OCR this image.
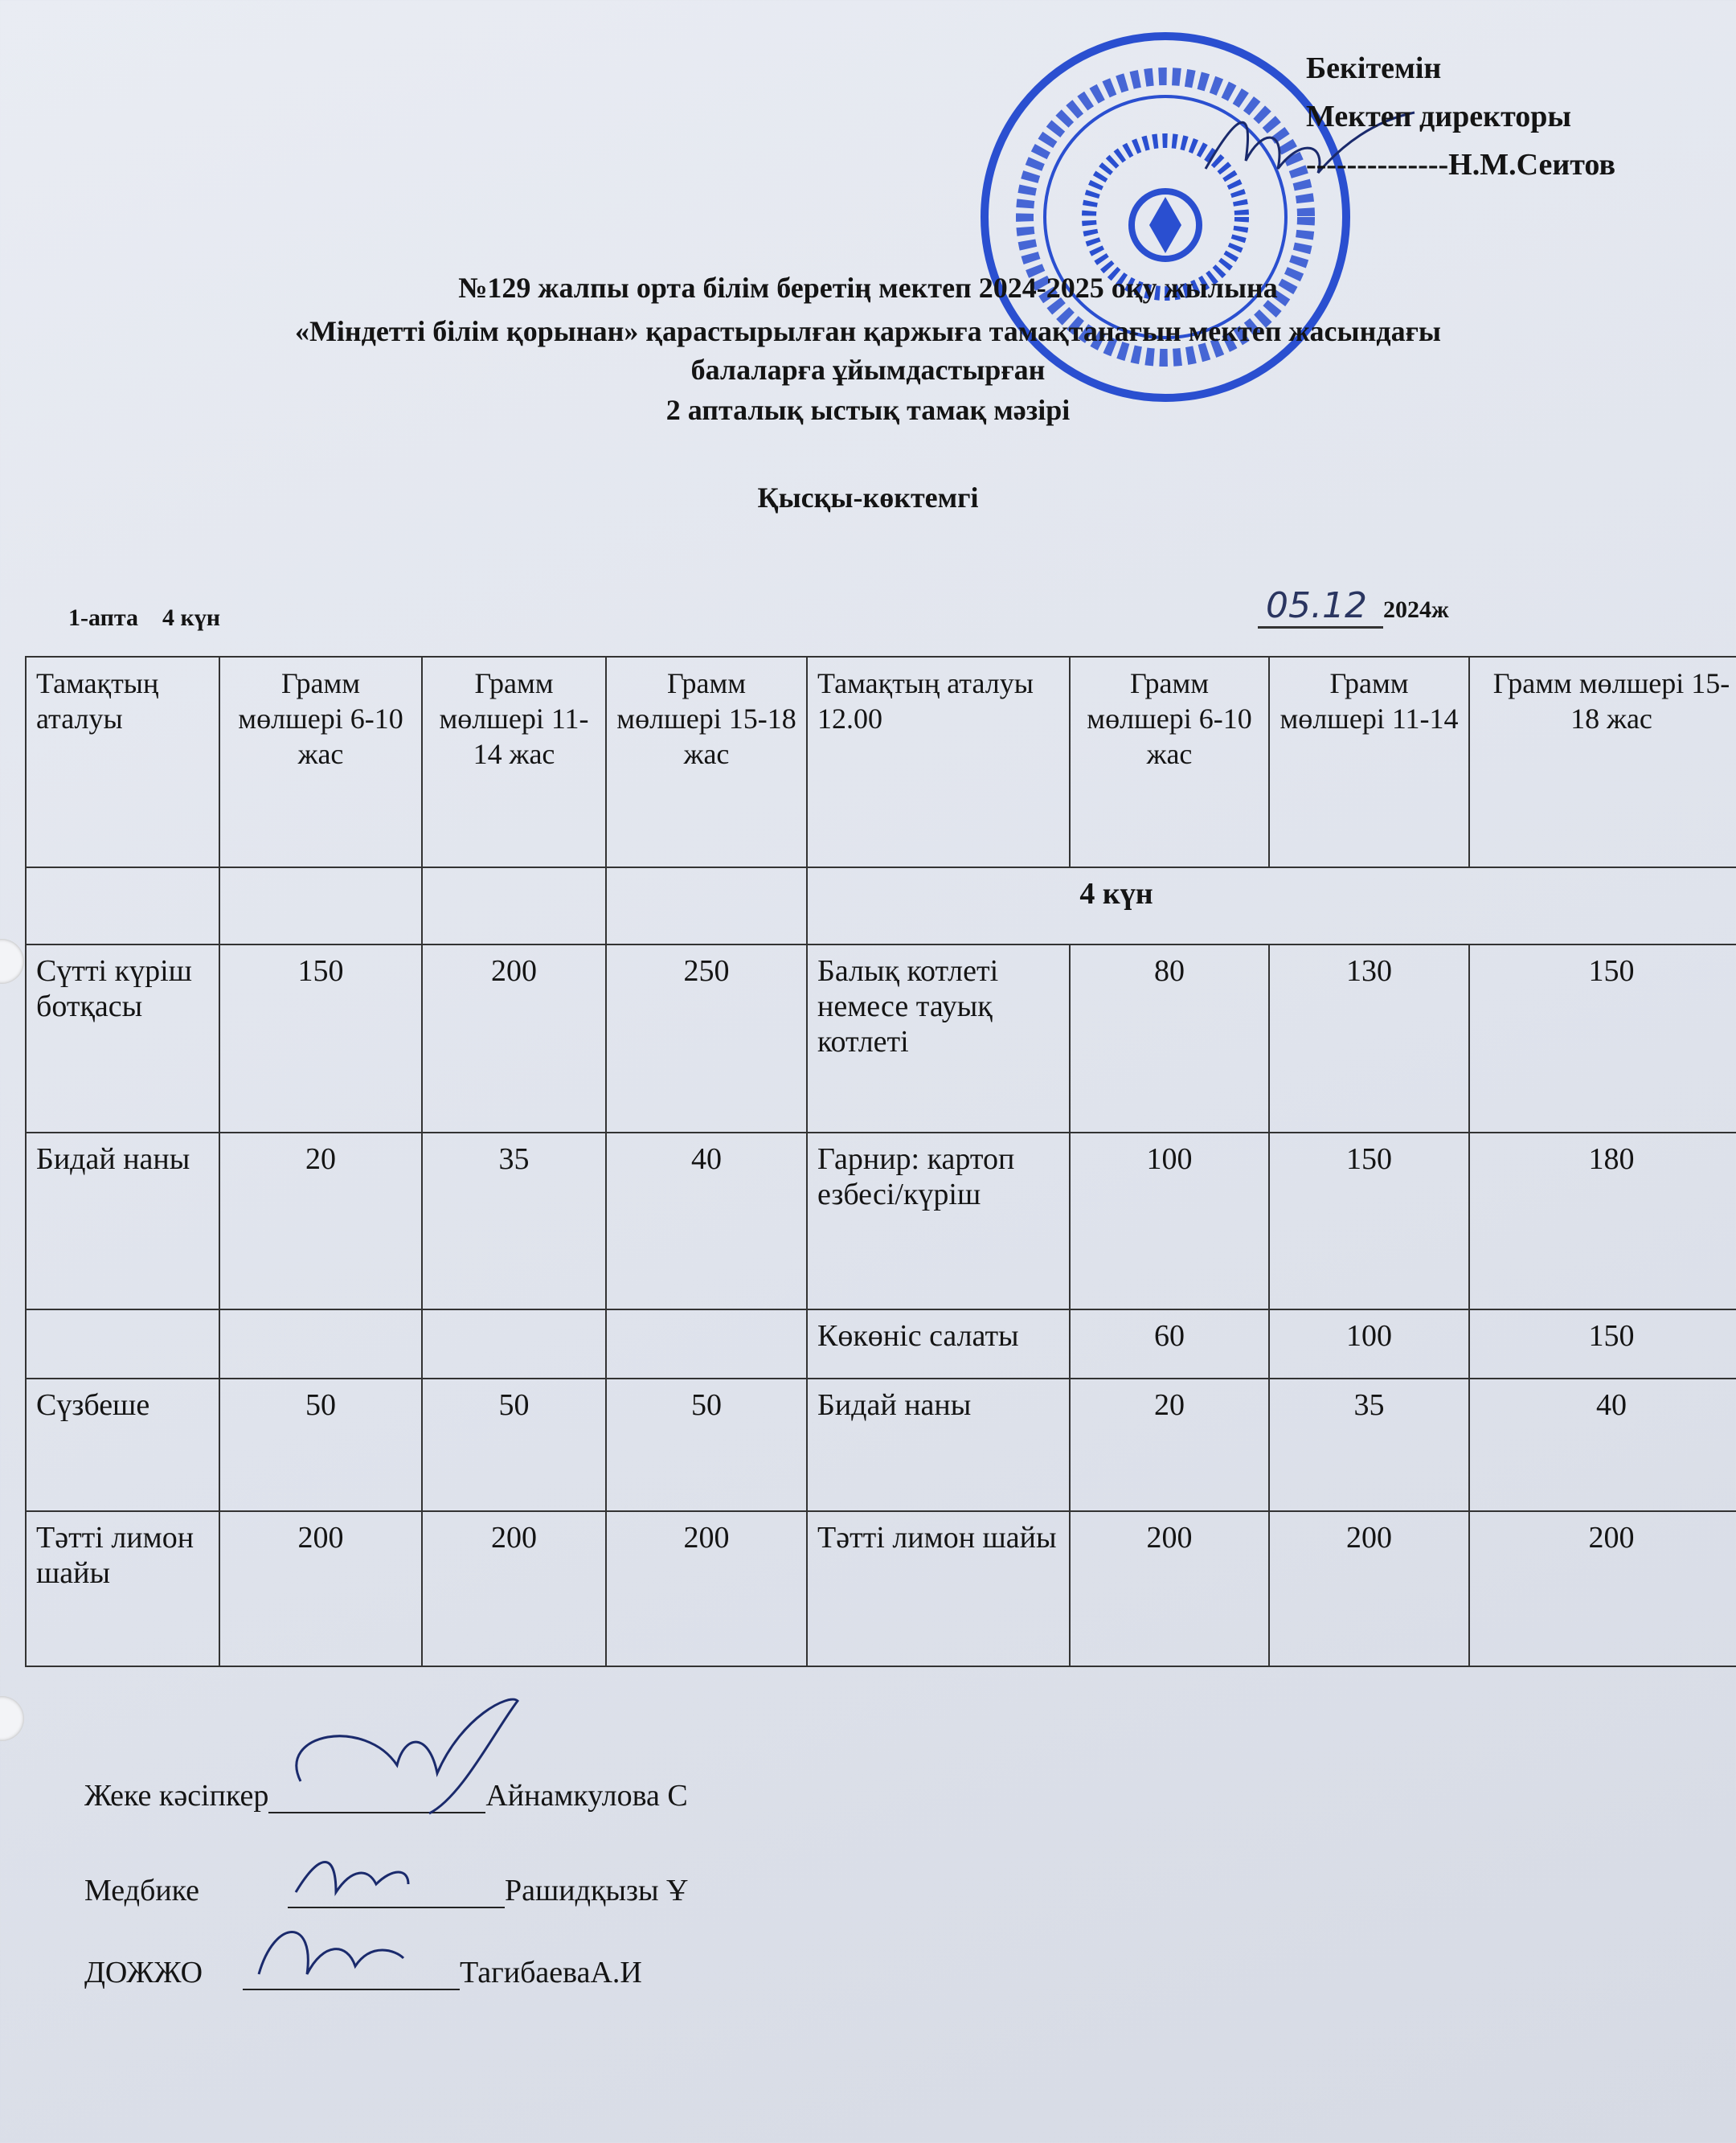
Бекітемін
Мектеп директоры
--------------Н.М.Сеитов
№129 жалпы орта білім беретің мектеп 2024-2025 оқу жылына
«Міндетті білім қорынан» қарастырылған қаржыға тамақтанағын мектеп жасындағы
балаларға ұйымдастырған
2 апталық ыстық тамақ мәзірі
Қысқы-көктемгі
1-апта    4 күн	05.12 2024ж
Тамақтың аталуы	Грамм мөлшері 6-10 жас	Грамм мөлшері 11-14 жас	Грамм мөлшері 15-18 жас	Тамақтың аталуы 12.00	Грамм мөлшері 6-10 жас	Грамм мөлшері 11-14	Грамм мөлшері 15-18 жас
				4 күн			
Сүтті күріш ботқасы	150	200	250	Балық котлеті немесе тауық котлеті	80	130	150
Бидай наны	20	35	40	Гарнир: картоп езбесі/күріш	100	150	180
				Көкөніс салаты	60	100	150
Сүзбеше	50	50	50	Бидай наны	20	35	40
Тәтті лимон шайы	200	200	200	Тәтті лимон шайы	200	200	200
Жеке кәсіпкер	Айнамкулова С
Медбике	Рашидқызы Ұ
ДОЖЖО	ТагибаеваА.И
